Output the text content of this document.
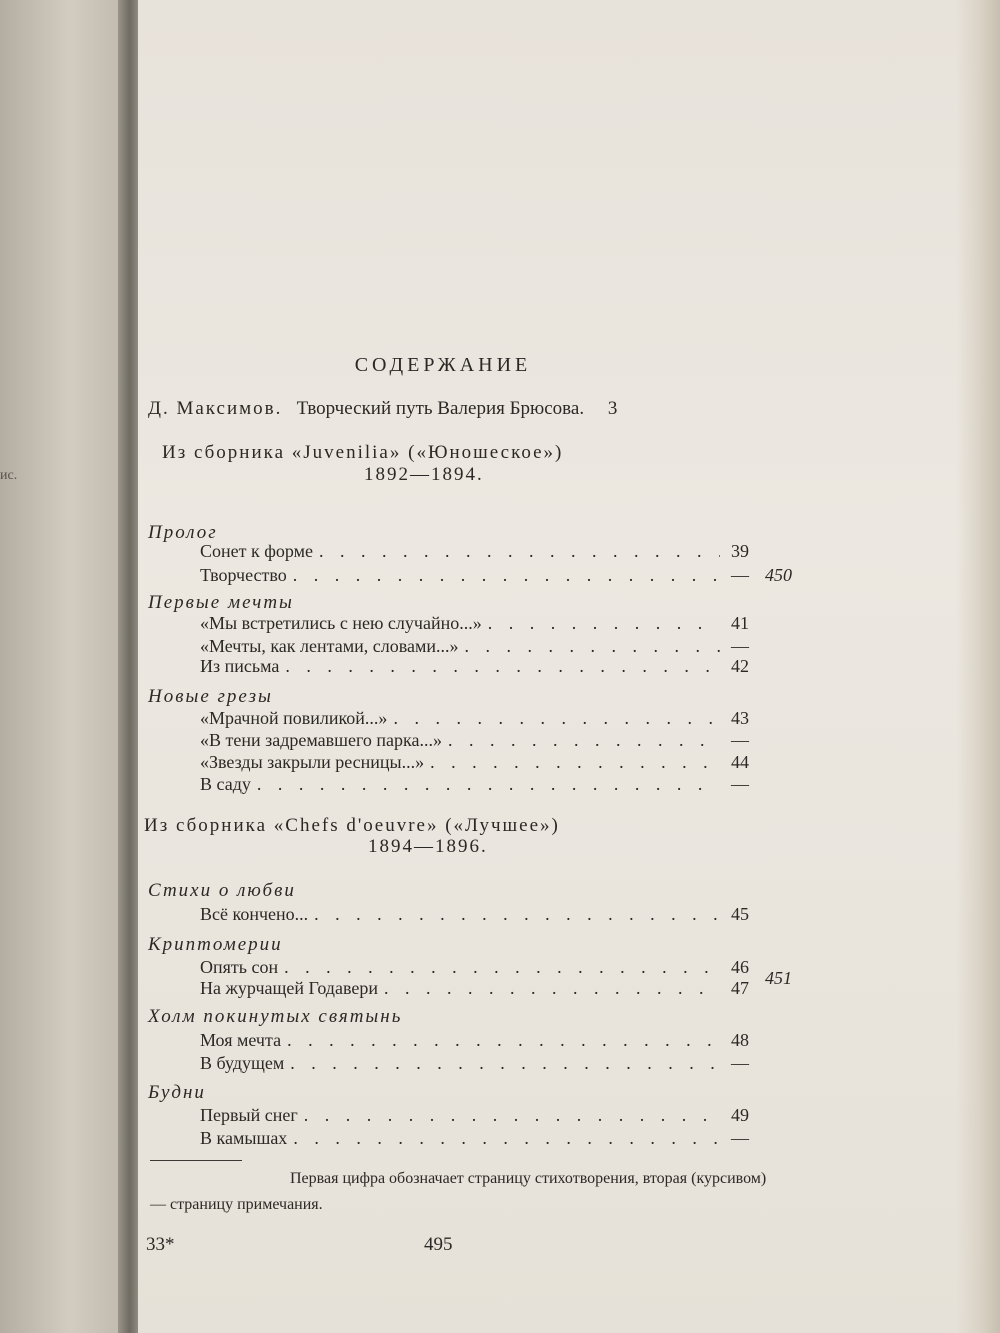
ис.
СОДЕРЖАНИЕ
Д. Максимов. Творческий путь Валерия Брюсова. 3
Из сборника «Juvenilia» («Юношеское»)
1892—1894.
Пролог
Сонет к форме . . .	39
Творчество . . .	— 450
Первые мечты
«Мы встретились с нею случайно...» . . .	41
«Мечты, как лентами, словами...» . . .	—
Из письма . . .	42
Новые грезы
«Мрачной повиликой...» . . .	43
«В тени задремавшего парка...» . . .	—
«Звезды закрыли ресницы...» . . .	44
В саду . . .	—
Из сборника «Chefs d'oeuvre» («Лучшее»)
1894—1896.
Стихи о любви
Всё кончено... . . .	45
Криптомерии
Опять сон . . .	46
На журчащей Годавери . . .	47 451
Холм покинутых святынь
Моя мечта . . .	48
В будущем . . .	—
Будни
Первый снег . . .	49
В камышах . . .	—
Первая цифра обозначает страницу стихотворения, вторая (курсивом) — страницу примечания.
33*	495
